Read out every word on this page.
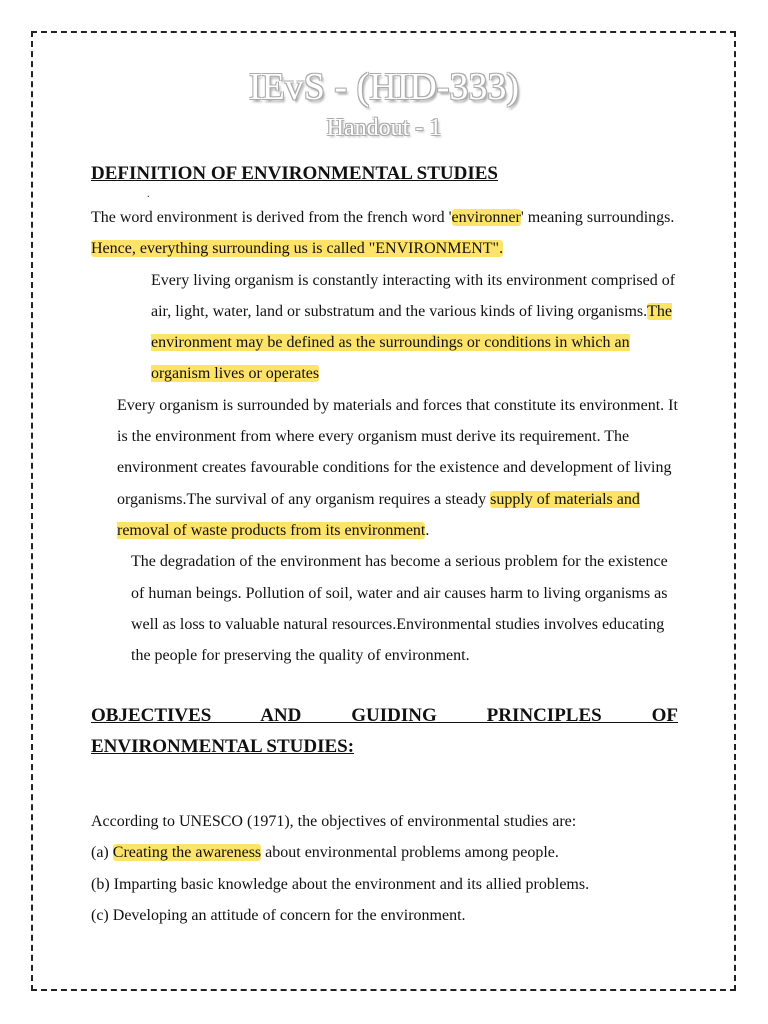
IEvS - (HID-333)
Handout - 1
DEFINITION OF ENVIRONMENTAL STUDIES
.

The word environment is derived from the french word 'environner' meaning surroundings. Hence, everything surrounding us is called "ENVIRONMENT".

Every living organism is constantly interacting with its environment comprised of air, light, water, land or substratum and the various kinds of living organisms.The environment may be defined as the surroundings or conditions in which an organism lives or operates

Every organism is surrounded by materials and forces that constitute its environment. It is the environment from where every organism must derive its requirement. The environment creates favourable conditions for the existence and development of living organisms.The survival of any organism requires a steady supply of materials and removal of waste products from its environment.

The degradation of the environment has become a serious problem for the existence of human beings. Pollution of soil, water and air causes harm to living organisms as well as loss to valuable natural resources.Environmental studies involves educating the people for preserving the quality of environment.

OBJECTIVES AND GUIDING PRINCIPLES OF
ENVIRONMENTAL STUDIES:

According to UNESCO (1971), the objectives of environmental studies are:

(a) Creating the awareness about environmental problems among people.

(b) Imparting basic knowledge about the environment and its allied problems.

(c) Developing an attitude of concern for the environment.
